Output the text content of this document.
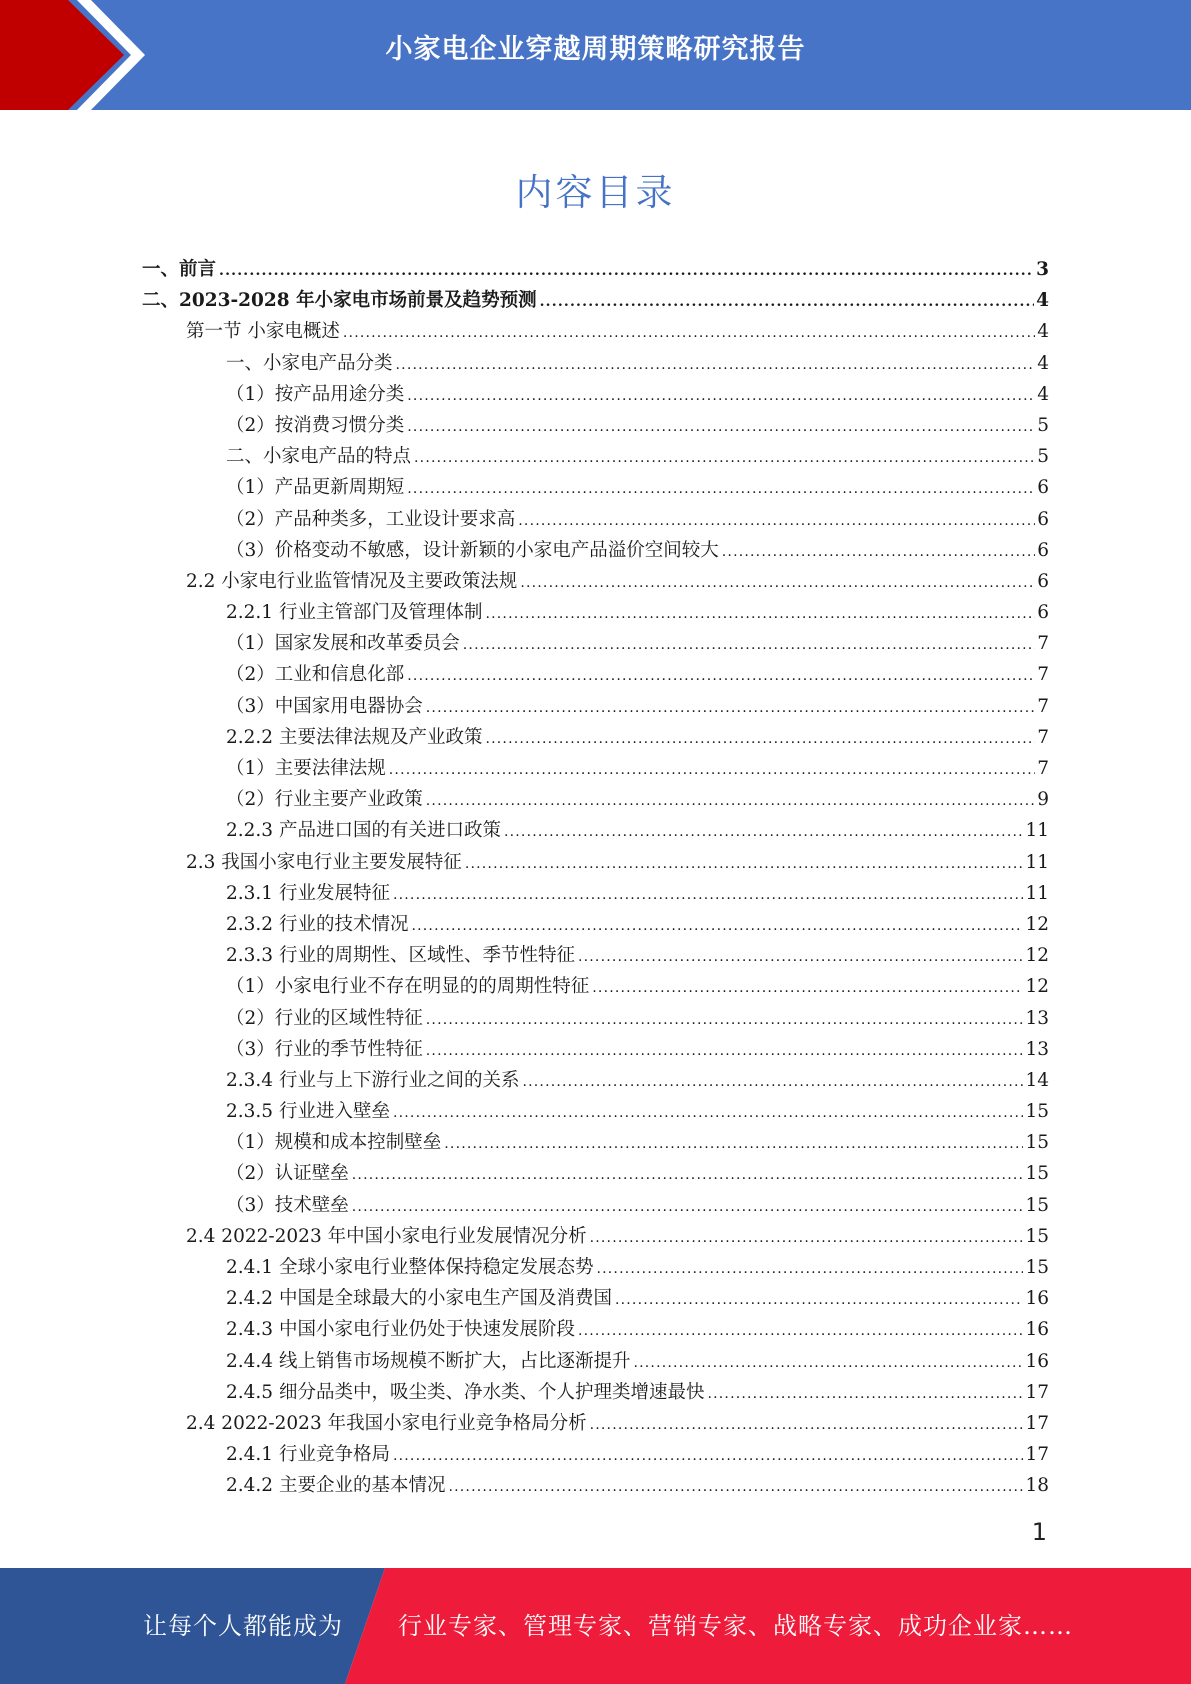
小家电企业穿越周期策略研究报告
内容目录
一、前言 .....	3
二、2023-2028 年小家电市场前景及趋势预测 .....	4
第一节 小家电概述 .....	4
一、小家电产品分类 .....	4
（1）按产品用途分类 .....	4
（2）按消费习惯分类 .....	5
二、小家电产品的特点 .....	5
（1）产品更新周期短 .....	6
（2）产品种类多，工业设计要求高 .....	6
（3）价格变动不敏感，设计新颖的小家电产品溢价空间较大 .....	6
2.2 小家电行业监管情况及主要政策法规 .....	6
2.2.1 行业主管部门及管理体制 .....	6
（1）国家发展和改革委员会 .....	7
（2）工业和信息化部 .....	7
（3）中国家用电器协会 .....	7
2.2.2 主要法律法规及产业政策 .....	7
（1）主要法律法规 .....	7
（2）行业主要产业政策 .....	9
2.2.3 产品进口国的有关进口政策 .....	11
2.3 我国小家电行业主要发展特征 .....	11
2.3.1 行业发展特征 .....	11
2.3.2 行业的技术情况 .....	12
2.3.3 行业的周期性、区域性、季节性特征 .....	12
（1）小家电行业不存在明显的的周期性特征 .....	12
（2）行业的区域性特征 .....	13
（3）行业的季节性特征 .....	13
2.3.4 行业与上下游行业之间的关系 .....	14
2.3.5 行业进入壁垒 .....	15
（1）规模和成本控制壁垒 .....	15
（2）认证壁垒 .....	15
（3）技术壁垒 .....	15
2.4 2022-2023 年中国小家电行业发展情况分析 .....	15
2.4.1 全球小家电行业整体保持稳定发展态势 .....	15
2.4.2 中国是全球最大的小家电生产国及消费国 .....	16
2.4.3 中国小家电行业仍处于快速发展阶段 .....	16
2.4.4 线上销售市场规模不断扩大，占比逐渐提升 .....	16
2.4.5 细分品类中，吸尘类、净水类、个人护理类增速最快 .....	17
2.4 2022-2023 年我国小家电行业竞争格局分析 .....	17
2.4.1 行业竞争格局 .....	17
2.4.2 主要企业的基本情况 .....	18
1
让每个人都能成为 行业专家、管理专家、营销专家、战略专家、成功企业家……
